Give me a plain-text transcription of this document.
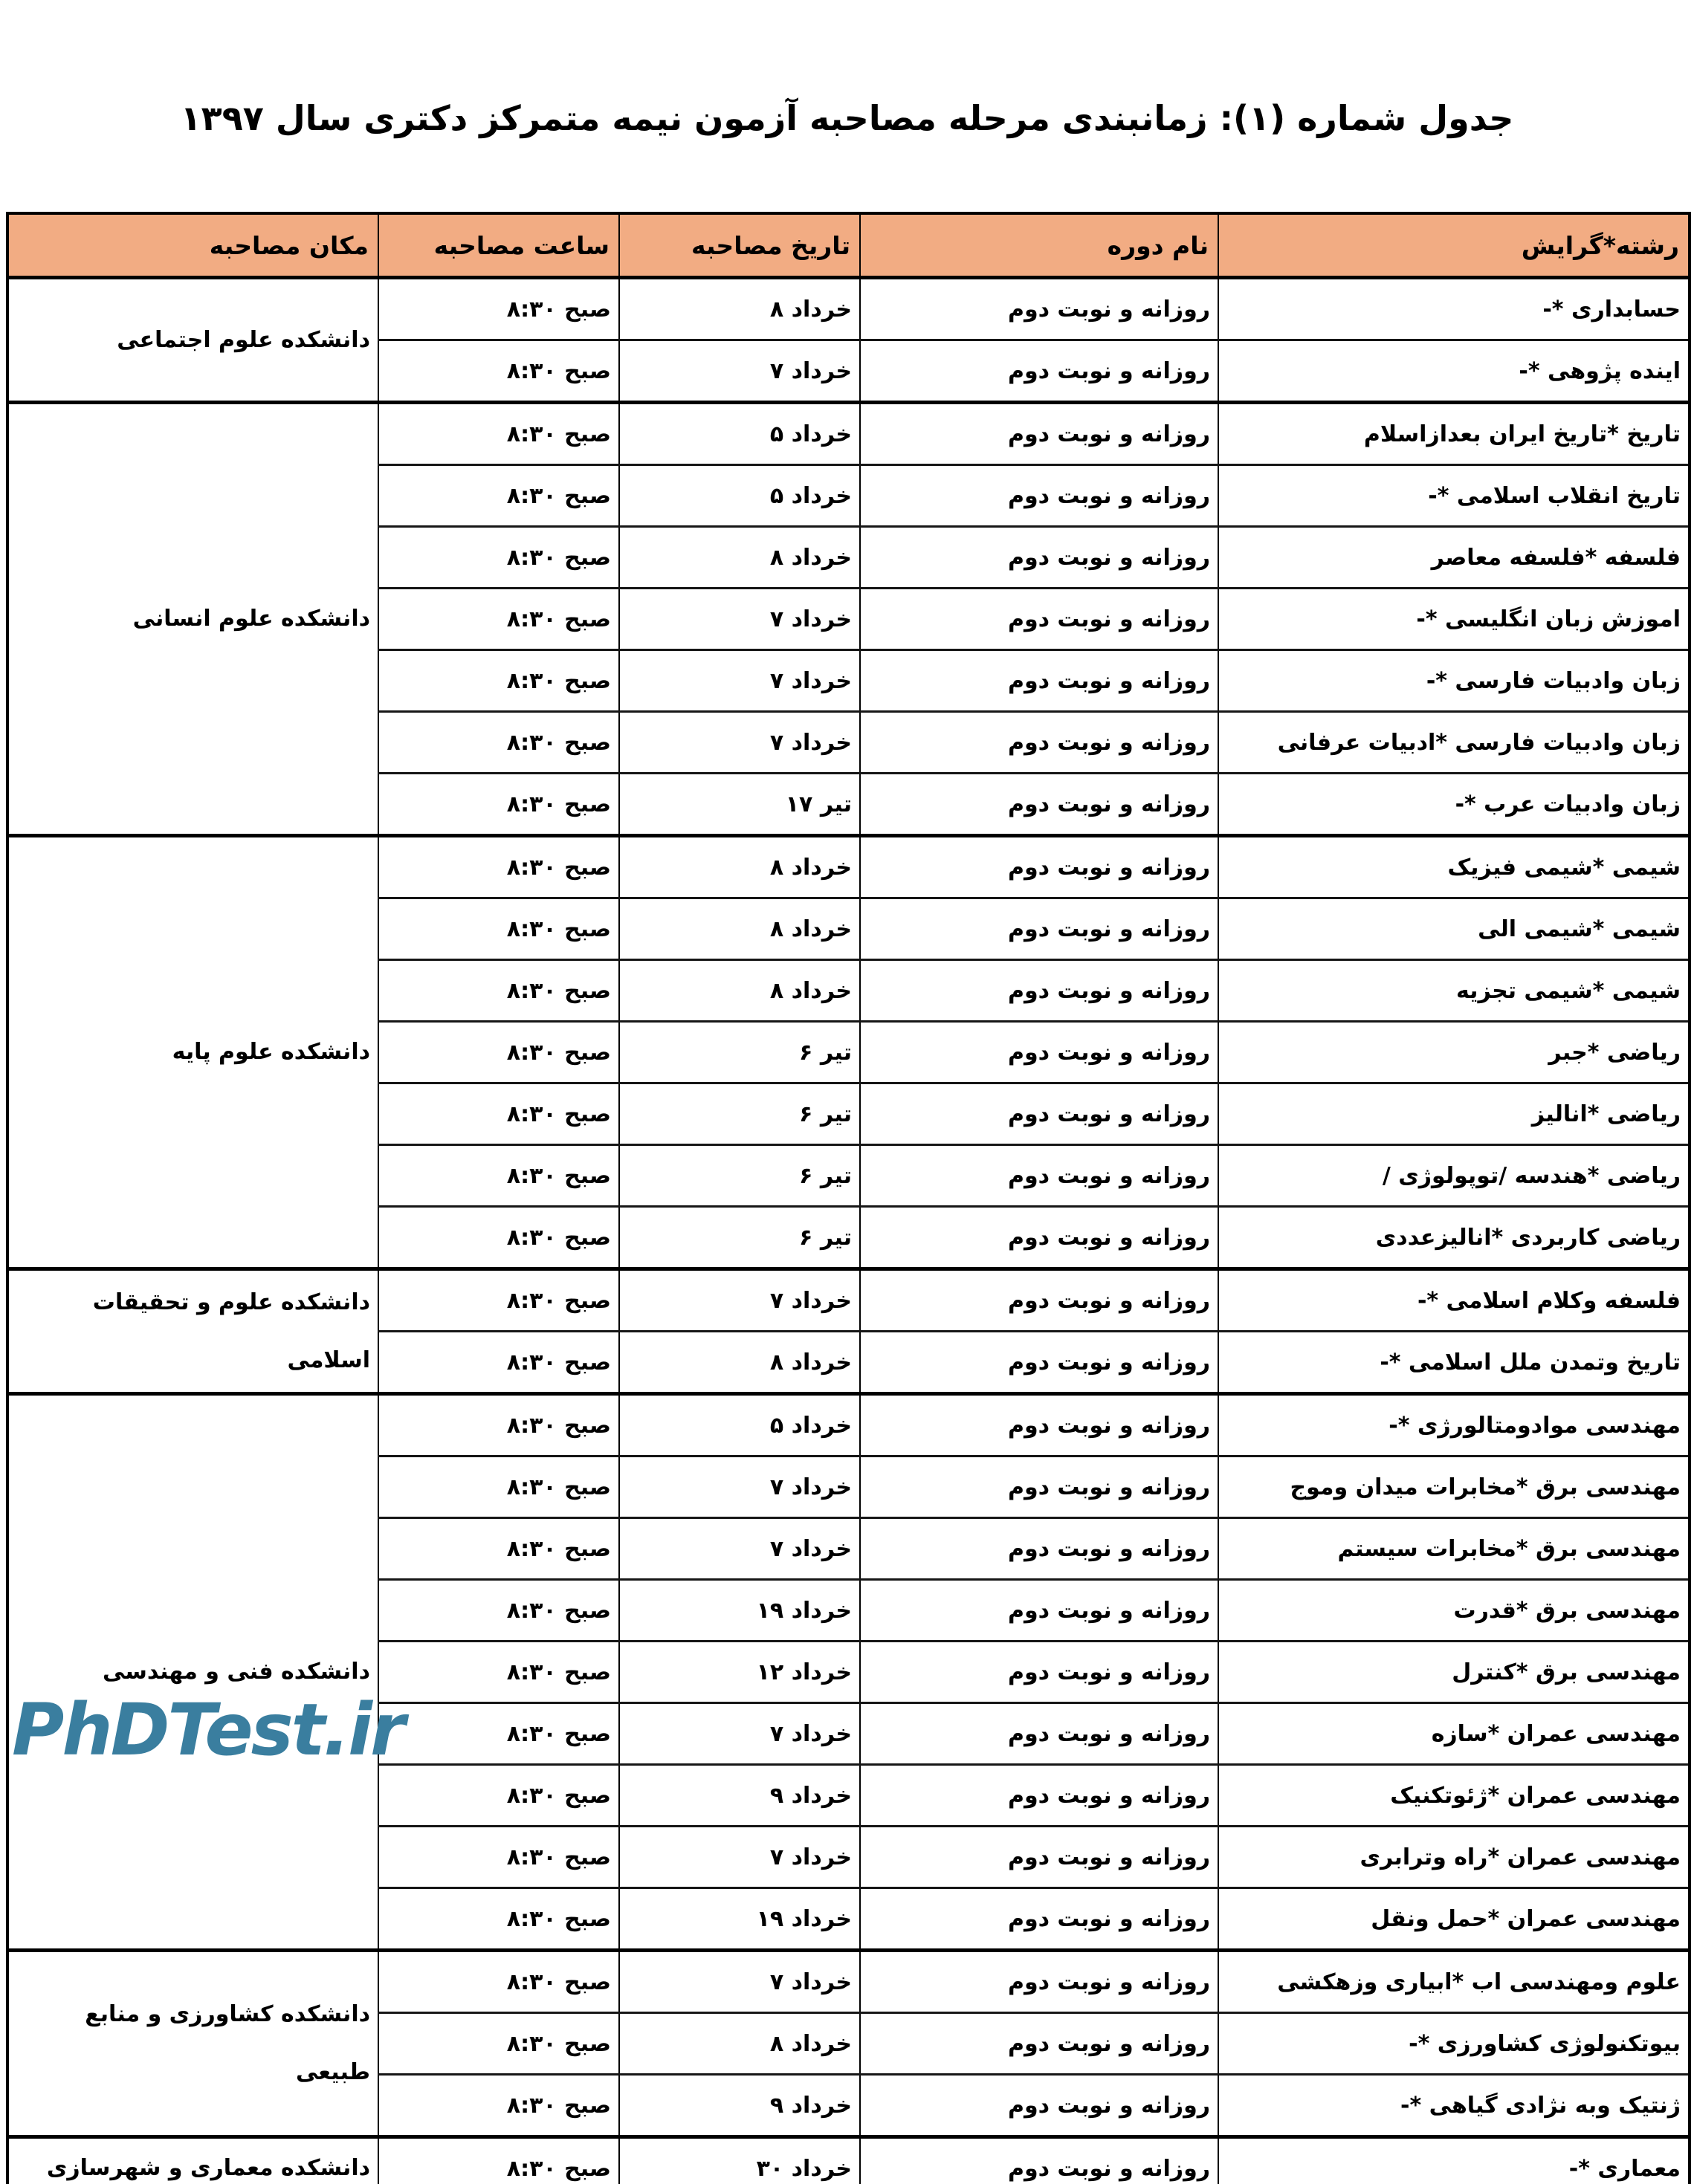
جدول شماره (۱): زمانبندی مرحله مصاحبه آزمون نیمه متمرکز دکتری سال ۱۳۹۷
رشته*گرایش	نام دوره	تاریخ مصاحبه	ساعت مصاحبه	مکان مصاحبه
حسابداری *-	روزانه و نوبت دوم	۸ خرداد	۸:۳۰ صبح	دانشکده علوم اجتماعی
اینده پژوهی *-	روزانه و نوبت دوم	۷ خرداد	۸:۳۰ صبح	
تاریخ *تاریخ ایران بعدازاسلام	روزانه و نوبت دوم	۵ خرداد	۸:۳۰ صبح	دانشکده علوم انسانی
تاریخ انقلاب اسلامی *-	روزانه و نوبت دوم	۵ خرداد	۸:۳۰ صبح	
فلسفه *فلسفه معاصر	روزانه و نوبت دوم	۸ خرداد	۸:۳۰ صبح	
اموزش زبان انگلیسی *-	روزانه و نوبت دوم	۷ خرداد	۸:۳۰ صبح	
زبان وادبیات فارسی *-	روزانه و نوبت دوم	۷ خرداد	۸:۳۰ صبح	
زبان وادبیات فارسی *ادبیات عرفانی	روزانه و نوبت دوم	۷ خرداد	۸:۳۰ صبح	
زبان وادبیات عرب *-	روزانه و نوبت دوم	۱۷ تیر	۸:۳۰ صبح	
شیمی *شیمی فیزیک	روزانه و نوبت دوم	۸ خرداد	۸:۳۰ صبح	دانشکده علوم پایه
شیمی *شیمی الی	روزانه و نوبت دوم	۸ خرداد	۸:۳۰ صبح	
شیمی *شیمی تجزیه	روزانه و نوبت دوم	۸ خرداد	۸:۳۰ صبح	
ریاضی *جبر	روزانه و نوبت دوم	۶ تیر	۸:۳۰ صبح	
ریاضی *انالیز	روزانه و نوبت دوم	۶ تیر	۸:۳۰ صبح	
ریاضی *هندسه /توپولوژی /	روزانه و نوبت دوم	۶ تیر	۸:۳۰ صبح	
ریاضی کاربردی *انالیزعددی	روزانه و نوبت دوم	۶ تیر	۸:۳۰ صبح	
فلسفه وکلام اسلامی *-	روزانه و نوبت دوم	۷ خرداد	۸:۳۰ صبح	دانشکده علوم و تحقیقات اسلامی
تاریخ وتمدن ملل اسلامی *-	روزانه و نوبت دوم	۸ خرداد	۸:۳۰ صبح	
مهندسی موادومتالورژی *-	روزانه و نوبت دوم	۵ خرداد	۸:۳۰ صبح	دانشکده فنی و مهندسی
مهندسی برق *مخابرات میدان وموج	روزانه و نوبت دوم	۷ خرداد	۸:۳۰ صبح	
مهندسی برق *مخابرات سیستم	روزانه و نوبت دوم	۷ خرداد	۸:۳۰ صبح	
مهندسی برق *قدرت	روزانه و نوبت دوم	۱۹ خرداد	۸:۳۰ صبح	
مهندسی برق *کنترل	روزانه و نوبت دوم	۱۲ خرداد	۸:۳۰ صبح	
مهندسی عمران *سازه	روزانه و نوبت دوم	۷ خرداد	۸:۳۰ صبح	
مهندسی عمران *ژئوتکنیک	روزانه و نوبت دوم	۹ خرداد	۸:۳۰ صبح	
مهندسی عمران *راه وترابری	روزانه و نوبت دوم	۷ خرداد	۸:۳۰ صبح	
مهندسی عمران *حمل ونقل	روزانه و نوبت دوم	۱۹ خرداد	۸:۳۰ صبح	
علوم ومهندسی اب *ابیاری وزهکشی	روزانه و نوبت دوم	۷ خرداد	۸:۳۰ صبح	دانشکده کشاورزی و منابع طبیعی
بیوتکنولوژی کشاورزی *-	روزانه و نوبت دوم	۸ خرداد	۸:۳۰ صبح	
ژنتیک وبه نژادی گیاهی *-	روزانه و نوبت دوم	۹ خرداد	۸:۳۰ صبح	
معماری *-	روزانه و نوبت دوم	۳۰ خرداد	۸:۳۰ صبح	دانشکده معماری و شهرسازی
PhDTest.ir
